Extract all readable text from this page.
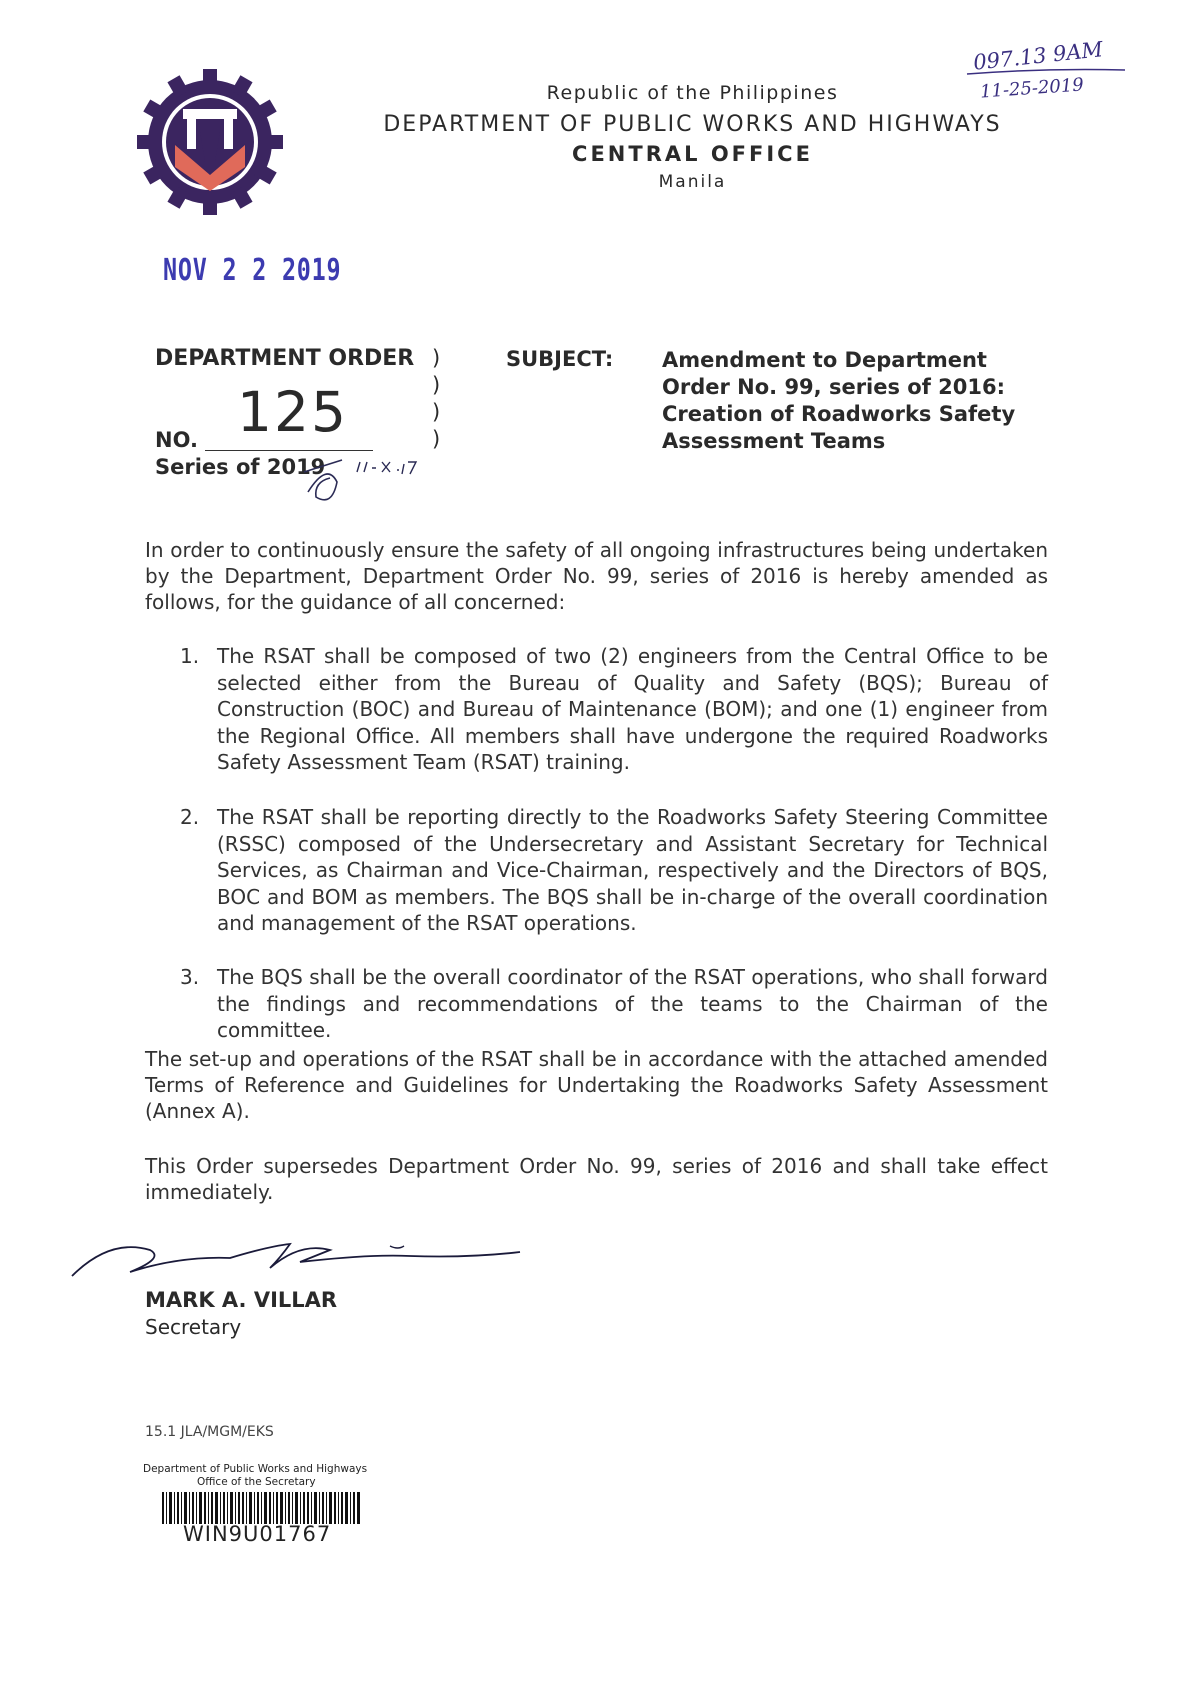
Republic of the Philippines
DEPARTMENT OF PUBLIC WORKS AND HIGHWAYS
CENTRAL OFFICE
Manila
097.13 9AM
11-25-2019
NOV 2 2 2019
DEPARTMENT ORDER )
)
)
)
125
NO.
Series of 2019
SUBJECT: Amendment to Department Order No. 99, series of 2016: Creation of Roadworks Safety Assessment Teams
In order to continuously ensure the safety of all ongoing infrastructures being undertaken by the Department, Department Order No. 99, series of 2016 is hereby amended as follows, for the guidance of all concerned:
1. The RSAT shall be composed of two (2) engineers from the Central Office to be selected either from the Bureau of Quality and Safety (BQS); Bureau of Construction (BOC) and Bureau of Maintenance (BOM); and one (1) engineer from the Regional Office. All members shall have undergone the required Roadworks Safety Assessment Team (RSAT) training.
2. The RSAT shall be reporting directly to the Roadworks Safety Steering Committee (RSSC) composed of the Undersecretary and Assistant Secretary for Technical Services, as Chairman and Vice-Chairman, respectively and the Directors of BQS, BOC and BOM as members. The BQS shall be in-charge of the overall coordination and management of the RSAT operations.
3. The BQS shall be the overall coordinator of the RSAT operations, who shall forward the findings and recommendations of the teams to the Chairman of the committee.
The set-up and operations of the RSAT shall be in accordance with the attached amended Terms of Reference and Guidelines for Undertaking the Roadworks Safety Assessment (Annex A).
This Order supersedes Department Order No. 99, series of 2016 and shall take effect immediately.
MARK A. VILLAR
Secretary
15.1 JLA/MGM/EKS
Department of Public Works and Highways
Office of the Secretary
WIN9U01767
